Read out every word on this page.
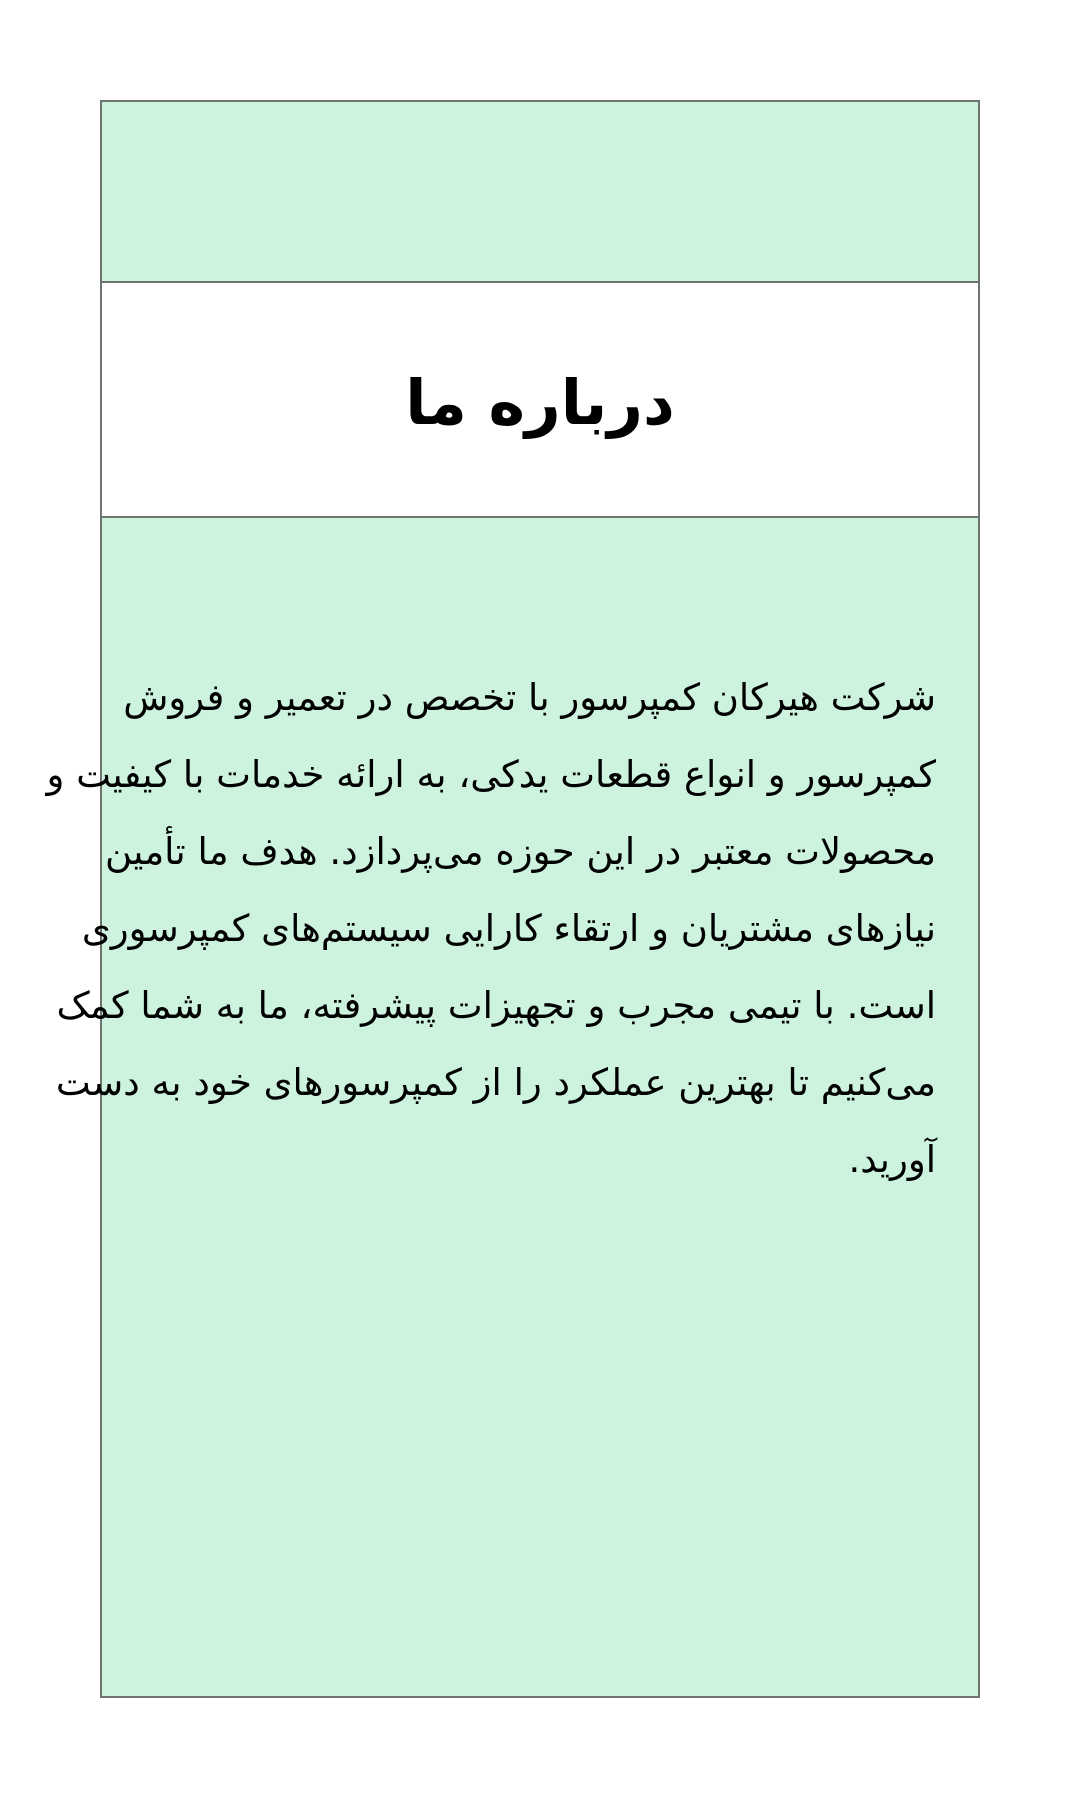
درباره ما
شرکت هیرکان کمپرسور با تخصص در تعمیر و فروش
کمپرسور و انواع قطعات یدکی، به ارائه خدمات با کیفیت و
محصولات معتبر در این حوزه می‌پردازد. هدف ما تأمین
نیازهای مشتریان و ارتقاء کارایی سیستم‌های کمپرسوری
است. با تیمی مجرب و تجهیزات پیشرفته، ما به شما کمک
می‌کنیم تا بهترین عملکرد را از کمپرسورهای خود به دست
آورید.
